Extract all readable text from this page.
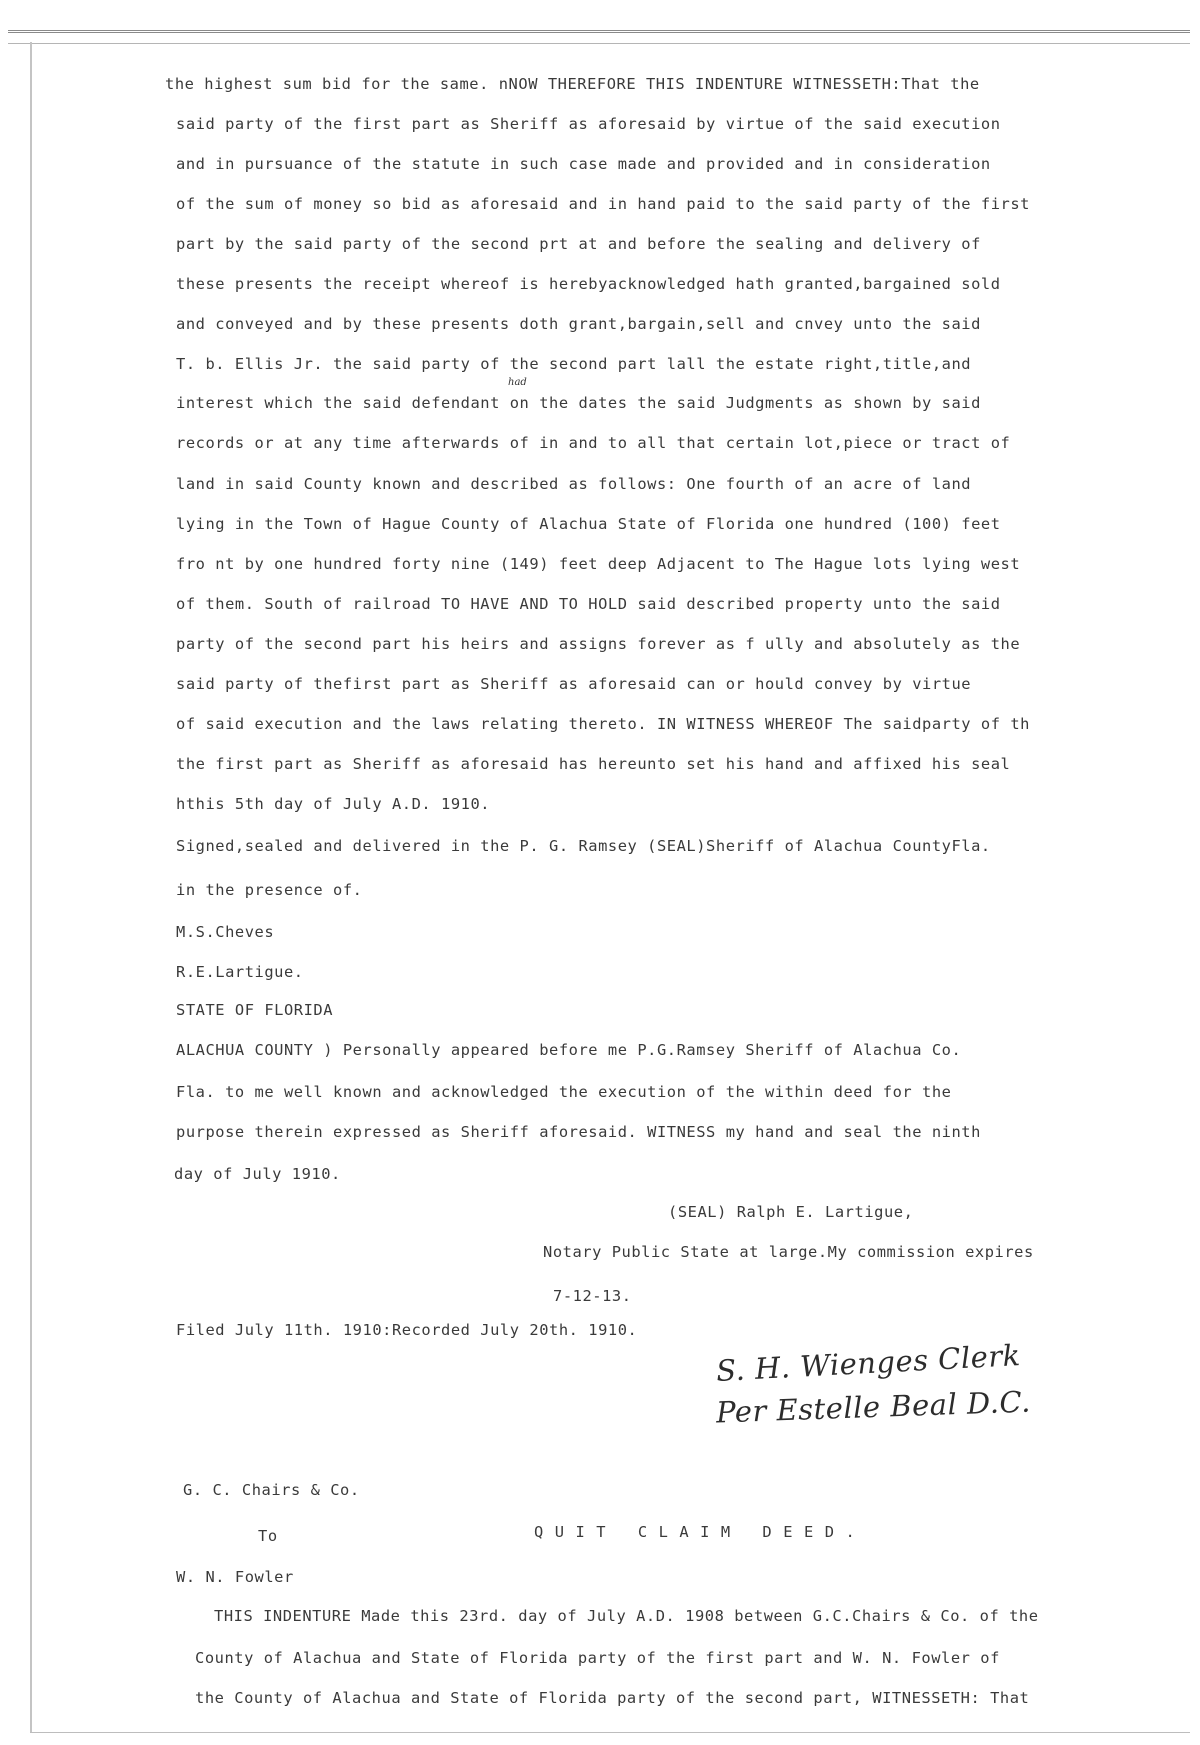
the highest sum bid for the same. nNOW THEREFORE THIS INDENTURE WITNESSETH:That the
said party of the first part as Sheriff as aforesaid by virtue of the said execution
and in pursuance of the statute in such case made and provided and in consideration
of the sum of money so bid as aforesaid and in hand paid to the said party of the first
part by the said party of the second prt at and before the sealing and delivery of
these presents the receipt whereof is herebyacknowledged hath granted,bargained sold
and conveyed and by these presents doth grant,bargain,sell and cnvey unto the said
T. b. Ellis Jr. the said party of the second part lall the estate right,title,and
had
interest which the said defendant on the dates the said Judgments as shown by said
records or at any time afterwards of in and to all that certain lot,piece or tract of
land in said County known and described as follows: One fourth of an acre of land
lying in the Town of Hague County of Alachua State of Florida one hundred (100) feet
fro nt by one hundred forty nine (149) feet deep Adjacent to The Hague lots lying west
of them. South of railroad TO HAVE AND TO HOLD said described property unto the said
party of the second part his heirs and assigns forever as f ully and absolutely as the
said party of thefirst part as Sheriff as aforesaid can or hould convey by virtue
of said execution and the laws relating thereto. IN WITNESS WHEREOF The saidparty of th
the first part as Sheriff as aforesaid has hereunto set his hand and affixed his seal
hthis 5th day of July A.D. 1910.
Signed,sealed and delivered in the P. G. Ramsey (SEAL)Sheriff of Alachua CountyFla.
in the presence of.
M.S.Cheves
R.E.Lartigue.
STATE OF FLORIDA
ALACHUA COUNTY ) Personally appeared before me P.G.Ramsey Sheriff of Alachua Co.
Fla. to me well known and acknowledged the execution of the within deed for the
purpose therein expressed as Sheriff aforesaid. WITNESS my hand and seal the ninth
day of July 1910.
(SEAL) Ralph E. Lartigue,
Notary Public State at large.My commission expires
7-12-13.
Filed July 11th. 1910:Recorded July 20th. 1910.
S. H. Wienges Clerk
Per Estelle Beal D.C.
G. C. Chairs & Co.
To	QUIT CLAIM DEED.
W. N. Fowler
THIS INDENTURE Made this 23rd. day of July A.D. 1908 between G.C.Chairs & Co. of the
County of Alachua and State of Florida party of the first part and W. N. Fowler of
the County of Alachua and State of Florida party of the second part, WITNESSETH: That
